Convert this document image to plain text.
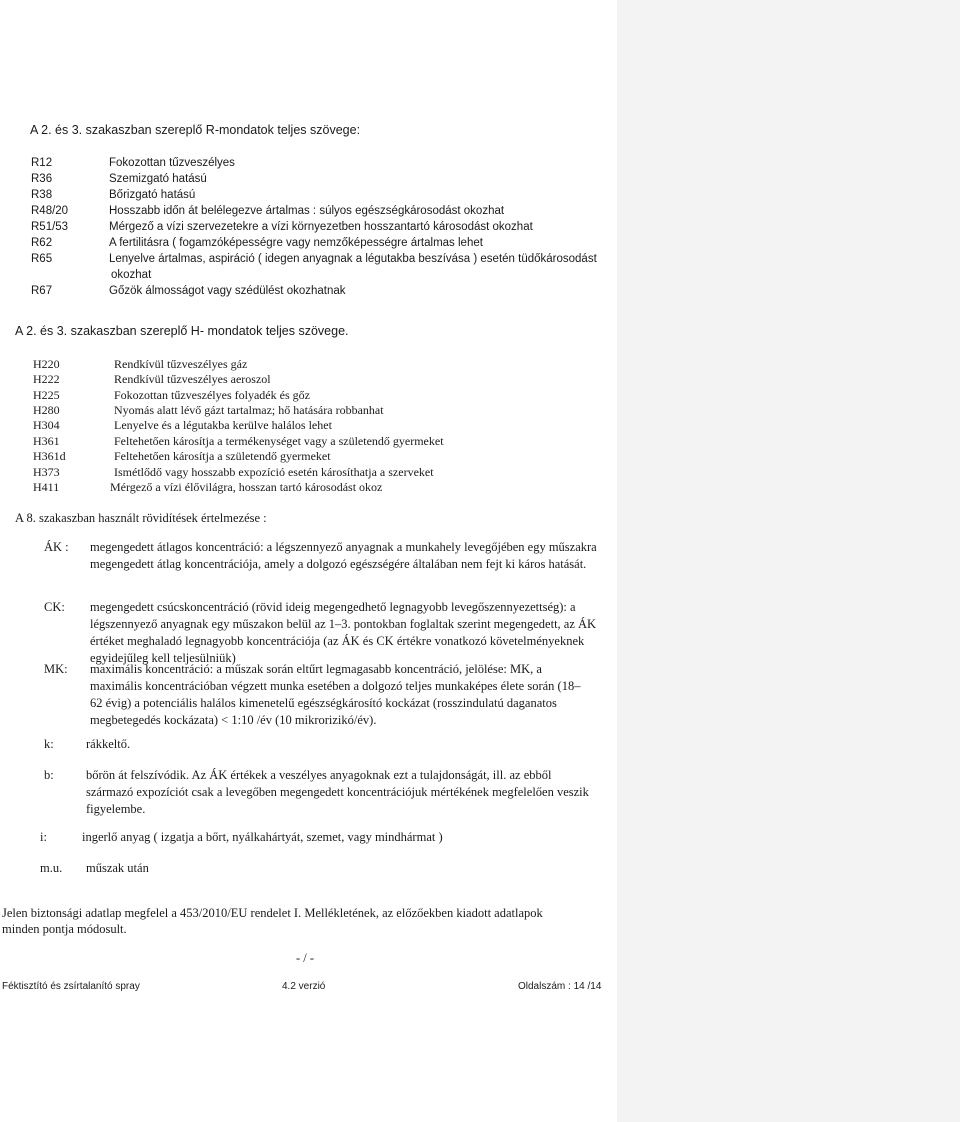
A 2. és 3. szakaszban szereplő R-mondatok teljes szövege:
R12	Fokozottan tűzveszélyes
R36	Szemizgató hatású
R38	Bőrizgató hatású
R48/20	Hosszabb időn át belélegezve ártalmas : súlyos egészségkárosodást okozhat
R51/53	Mérgező a vízi szervezetekre a vízi környezetben hosszantartó károsodást okozhat
R62	A fertilitásra ( fogamzóképességre vagy nemzőképességre ártalmas lehet
R65	Lenyelve ártalmas, aspiráció ( idegen anyagnak a légutakba beszívása ) esetén tüdőkárosodást
okozhat
R67	Gőzök álmosságot vagy szédülést okozhatnak
A 2. és 3. szakaszban szereplő H- mondatok teljes szövege.
H220	Rendkívül tűzveszélyes gáz
H222	Rendkívül tűzveszélyes aeroszol
H225	Fokozottan tűzveszélyes folyadék és gőz
H280	Nyomás alatt lévő gázt tartalmaz; hő hatására robbanhat
H304	Lenyelve és a légutakba kerülve halálos lehet
H361	Feltehetően károsítja a termékenységet vagy a születendő gyermeket
H361d	Feltehetően károsítja a születendő gyermeket
H373	Ismétlődő vagy hosszabb expozíció esetén károsíthatja a szerveket
H411	Mérgező a vízi élővilágra, hosszan tartó károsodást okoz
A 8. szakaszban használt rövidítések értelmezése :
ÁK : megengedett átlagos koncentráció: a légszennyező anyagnak a munkahely levegőjében egy műszakra megengedett átlag koncentrációja, amely a dolgozó egészségére általában nem fejt ki káros hatását.
CK: megengedett csúcskoncentráció (rövid ideig megengedhető legnagyobb levegőszennyezettség): a légszennyező anyagnak egy műszakon belül az 1–3. pontokban foglaltak szerint megengedett, az ÁK értéket meghaladó legnagyobb koncentrációja (az ÁK és CK értékre vonatkozó követelményeknek egyidejűleg kell teljesülniük)
MK: maximális koncentráció: a műszak során eltűrt legmagasabb koncentráció, jelölése: MK, a maximális koncentrációban végzett munka esetében a dolgozó teljes munkaképes élete során (18–62 évig) a potenciális halálos kimenetelű egészségkárosító kockázat (rosszindulatú daganatos megbetegedés kockázata) < 1:10 /év (10 mikrorizikó/év).
k:	rákkeltő.
b:	bőrön át felszívódik. Az ÁK értékek a veszélyes anyagoknak ezt a tulajdonságát, ill. az ebből származó expozíciót csak a levegőben megengedett koncentrációjuk mértékének megfelelően veszik figyelembe.
i:	ingerlő anyag ( izgatja a bőrt, nyálkahártyát, szemet, vagy mindhármat )
m.u. műszak után
Jelen biztonsági adatlap megfelel a 453/2010/EU rendelet I. Mellékletének, az előzőekben kiadott adatlapok
minden pontja módosult.
- / -
Féktisztító és zsírtalanító spray	4.2 verzió	Oldalszám : 14 /14
